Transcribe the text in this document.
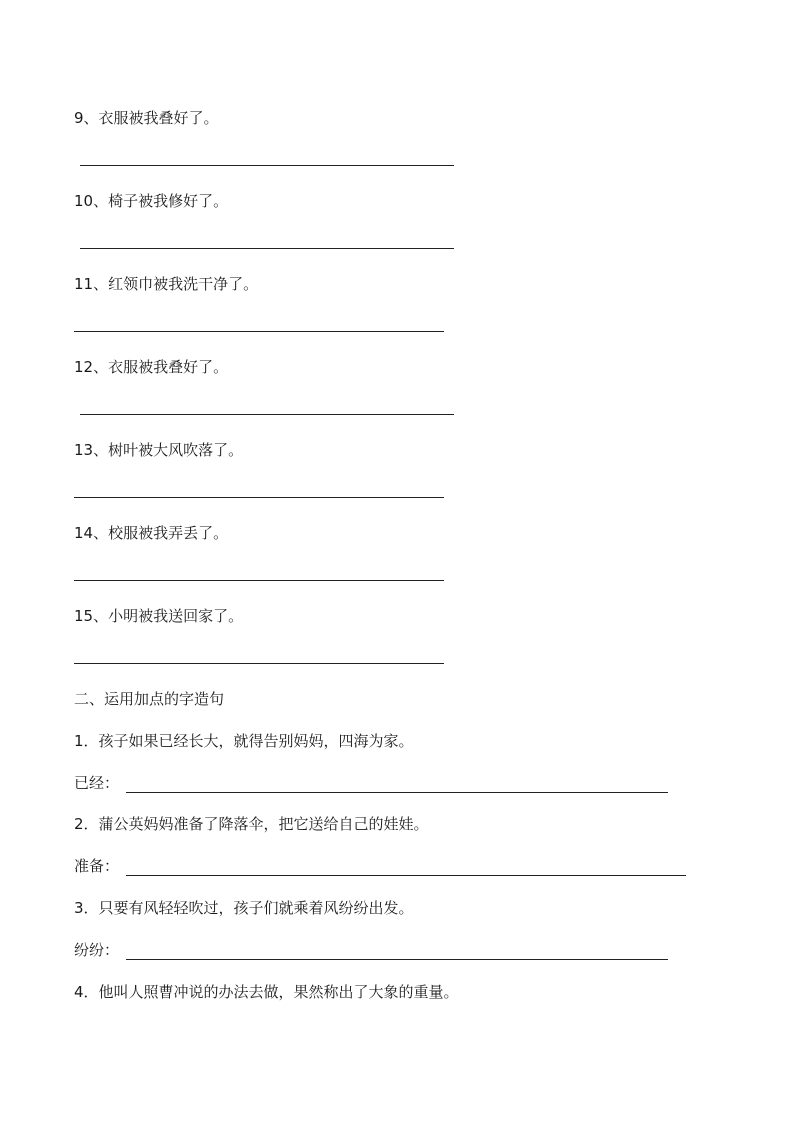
9、衣服被我叠好了。
10、椅子被我修好了。
11、红领巾被我洗干净了。
12、衣服被我叠好了。
13、树叶被大风吹落了。
14、校服被我弄丢了。
15、小明被我送回家了。
二、运用加点的字造句
1．孩子如果已经长大，就得告别妈妈，四海为家。
已经：
2．蒲公英妈妈准备了降落伞，把它送给自己的娃娃。
准备：
3．只要有风轻轻吹过，孩子们就乘着风纷纷出发。
纷纷：
4．他叫人照曹冲说的办法去做，果然称出了大象的重量。
